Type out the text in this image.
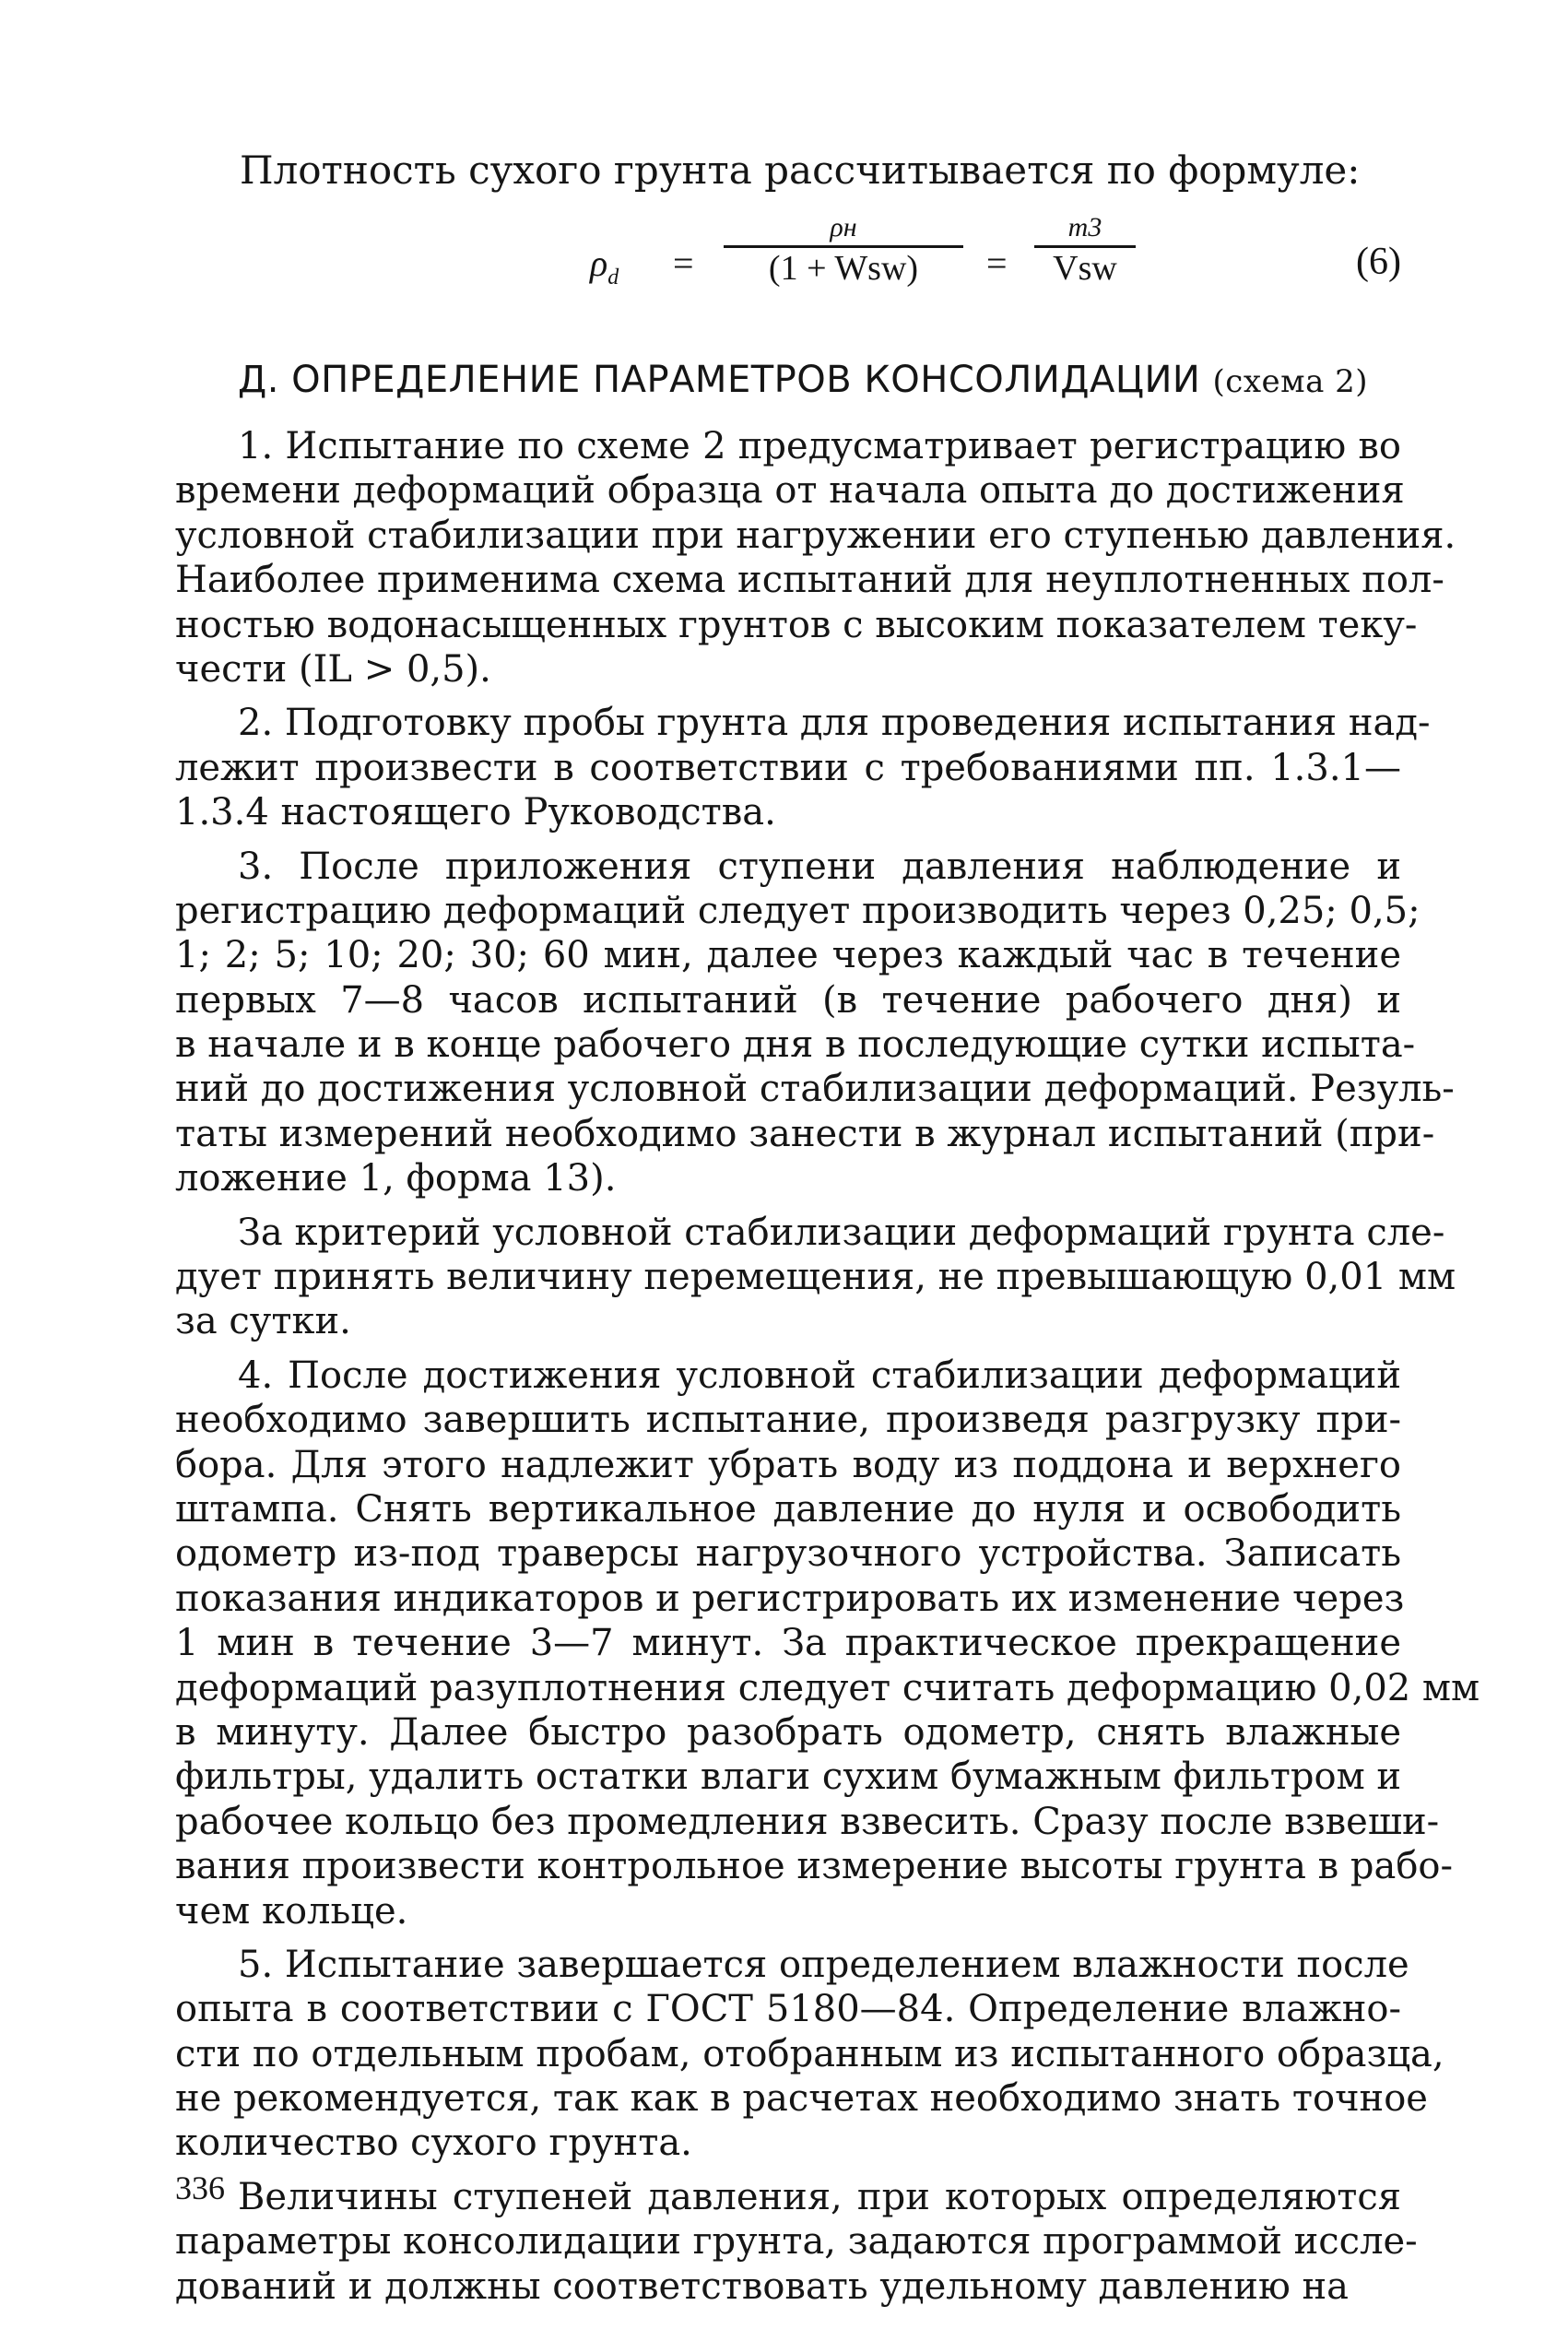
Плотность сухого грунта рассчитывается по формуле:
$\rho_d$ =
ρн
(1 + Wsw)	=
m3
Vsw	(6)
Д. ОПРЕДЕЛЕНИЕ ПАРАМЕТРОВ КОНСОЛИДАЦИИ (схема 2)
1. Испытание по схеме 2 предусматривает регистрацию во
времени деформаций образца от начала опыта до достижения
условной стабилизации при нагружении его ступенью давления.
Наиболее применима схема испытаний для неуплотненных пол-
ностью водонасыщенных грунтов с высоким показателем теку-
чести (IL > 0,5).
2. Подготовку пробы грунта для проведения испытания над-
лежит произвести в соответствии с требованиями пп. 1.3.1—
1.3.4 настоящего Руководства.
3. После приложения ступени давления наблюдение и
регистрацию деформаций следует производить через 0,25; 0,5;
1; 2; 5; 10; 20; 30; 60 мин, далее через каждый час в течение
первых 7—8 часов испытаний (в течение рабочего дня) и
в начале и в конце рабочего дня в последующие сутки испыта-
ний до достижения условной стабилизации деформаций. Резуль-
таты измерений необходимо занести в журнал испытаний (при-
ложение 1, форма 13).
За критерий условной стабилизации деформаций грунта сле-
дует принять величину перемещения, не превышающую 0,01 мм
за сутки.
4. После достижения условной стабилизации деформаций
необходимо завершить испытание, произведя разгрузку при-
бора. Для этого надлежит убрать воду из поддона и верхнего
штампа. Снять вертикальное давление до нуля и освободить
одометр из-под траверсы нагрузочного устройства. Записать
показания индикаторов и регистрировать их изменение через
1 мин в течение 3—7 минут. За практическое прекращение
деформаций разуплотнения следует считать деформацию 0,02 мм
в минуту. Далее быстро разобрать одометр, снять влажные
фильтры, удалить остатки влаги сухим бумажным фильтром и
рабочее кольцо без промедления взвесить. Сразу после взвеши-
вания произвести контрольное измерение высоты грунта в рабо-
чем кольце.
5. Испытание завершается определением влажности после
опыта в соответствии с ГОСТ 5180—84. Определение влажно-
сти по отдельным пробам, отобранным из испытанного образца,
не рекомендуется, так как в расчетах необходимо знать точное
количество сухого грунта.
Величины ступеней давления, при которых определяются
параметры консолидации грунта, задаются программой иссле-
дований и должны соответствовать удельному давлению на
336
